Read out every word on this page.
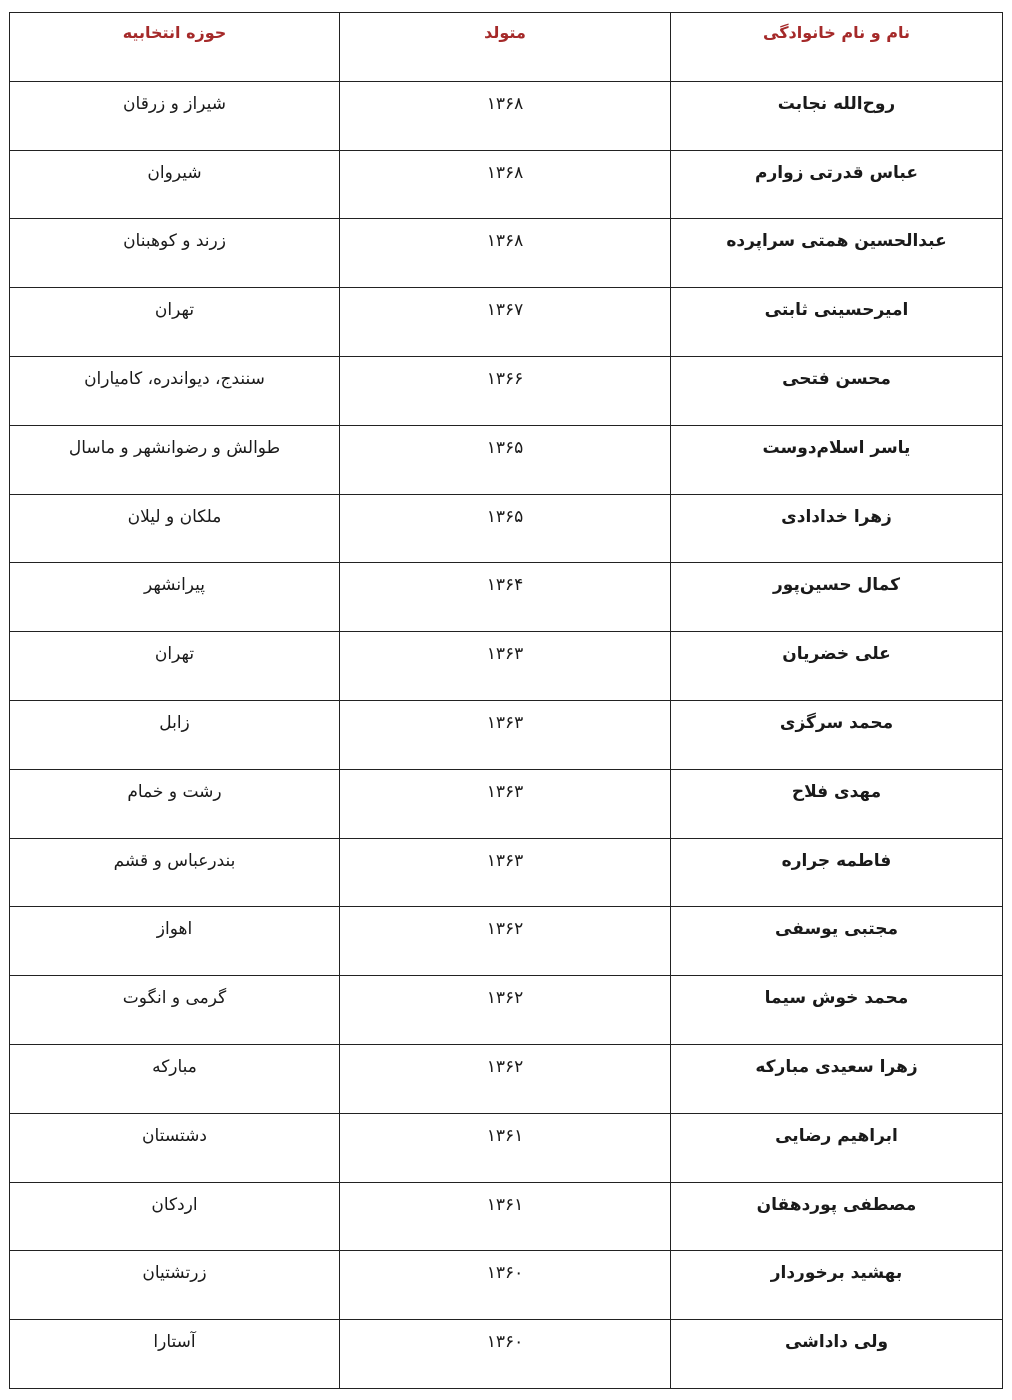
نام و نام خانوادگی	متولد	حوزه انتخابیه
روح‌الله نجابت	۱۳۶۸	شیراز و زرقان
عباس قدرتی زوارم	۱۳۶۸	شیروان
عبدالحسین همتی سراپرده	۱۳۶۸	زرند و کوهبنان
امیرحسینی ثابتی	۱۳۶۷	تهران
محسن فتحی	۱۳۶۶	سنندج، دیواندره، کامیاران
یاسر اسلام‌دوست	۱۳۶۵	طوالش و رضوانشهر و ماسال
زهرا خدادادی	۱۳۶۵	ملکان و لیلان
کمال حسین‌پور	۱۳۶۴	پیرانشهر
علی خضریان	۱۳۶۳	تهران
محمد سرگزی	۱۳۶۳	زابل
مهدی فلاح	۱۳۶۳	رشت و خمام
فاطمه جراره	۱۳۶۳	بندرعباس و قشم
مجتبی یوسفی	۱۳۶۲	اهواز
محمد خوش سیما	۱۳۶۲	گرمی و انگوت
زهرا سعیدی مبارکه	۱۳۶۲	مبارکه
ابراهیم رضایی	۱۳۶۱	دشتستان
مصطفی پوردهقان	۱۳۶۱	اردکان
بهشید برخوردار	۱۳۶۰	زرتشتیان
ولی داداشی	۱۳۶۰	آستارا
